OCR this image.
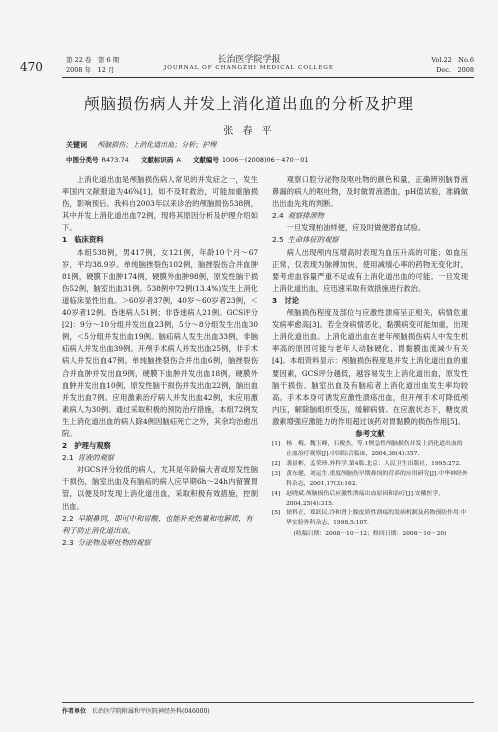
470	第 22 卷　第 6 期
2008 年　12 月
长治医学院学报
JOURNAL OF CHANGZHI MEDICAL COLLEGE
Vol.22　No.6
Dec.　2008
颅脑损伤病人并发上消化道出血的分析及护理
张 春 平
关键词 颅脑损伤；上消化道出血；分析；护理
中图分类号 R473.74 文献标识码 A 文献编号 1006－(2008)06－470－01

上消化道出血是颅脑损伤病人常见的并发症之一，发生率国内文献报道为46%[1]，如不及时救治，可能加重脑损伤，影响预后。我科自2003年以来诊治的颅脑损伤538例，其中并发上消化道出血72例，现将其原因分析及护理介绍如下。

1　临床资料

本组538例，男417例，女121例，年龄10个月～67岁，平均38.9岁。单纯脑挫裂伤102例，脑挫裂伤合并血肿81例，硬膜下血肿174例，硬膜外血肿98例，原发性脑干损伤52例，脑室出血31例。538例中72例(13.4%)发生上消化道临床显性出血。＞60岁者37例，40岁～60岁者23例，＜40岁者12例。昏迷病人51例；非昏迷病人21例。GCS评分[2]：9分～10分组并发出血23例，5分～8分组发生出血30例，＜5分组并发出血19例。脑疝病人发生出血33例，非脑疝病人并发出血39例。开颅手术病人并发出血25例，非手术病人并发出血47例。单纯脑挫裂伤合并出血6例，脑挫裂伤合并血肿并发出血9例，硬膜下血肿并发出血18例，硬膜外血肿并发出血10例，原发性脑干损伤并发出血22例，脑出血并发出血7例。应用激素治疗病人并发出血42例，未应用激素病人为30例。通过采取积极的预防治疗措施，本组72例发生上消化道出血的病人除4例因脑疝死亡之外，其余均治愈出院。

2　护理与观察

2.1 胃液的观察

对GCS评分较低的病人，尤其是年龄偏大者或原发性脑干损伤，脑室出血及有脑疝的病人应早期6h～24h内留置胃管，以便及时发现上消化道出血，采取积极有效措施，控制出血。

2.2 早期鼻饲，即可中和胃酸，也能补充热量和电解质，有利于防止消化道出血。

2.3 分泌物及呕吐物的观察

观察口腔分泌物及呕吐物的颜色和量，正确辨别脑脊液鼻漏的病人的呕吐物，及时做胃液潜血，pH值试验，准确做出出血先兆的判断。

2.4 观察排泄物

一旦发现柏油样便，应及时做便潜血试验。

2.5 生命体征的观察

病人出现颅内压增高时表现为血压升高的可能；如血压正常，仅表现为脉搏加快，使用减缓心率的药物无变化时，要考虑血容量严重不足或有上消化道出血的可能。一旦发现上消化道出血，应迅速采取有效措施进行救治。

3　讨论

颅脑损伤程度及部位与应激性溃疡呈正相关，病情危重发病率愈高[3]。若全身病情恶化，黏膜病变可能加重，出现上消化道出血。上消化道出血在老年颅脑损伤病人中发生机率高的原因可能与老年人动脉硬化、胃黏膜血流减少有关[4]。本组资料显示：颅脑损伤程度是并发上消化道出血的重要因素，GCS评分越低，越容易发生上消化道出血，原发性脑干损伤、脑室出血及有脑疝者上消化道出血发生率均较高。手术本身可诱发应激性溃疡出血，但开颅手术可降低颅内压，解除脑组织受压，缓解病情。在应激状态下，糖皮质激素增强应激能力的作用超过该药对胃黏膜的损伤作用[5]。

参考文献

[1]　杨　梅，魏玉峰，石俊杰，等.1例急性颅脑损伤并发上消化道出血的止血治疗观察[J].中国综合临床，2004,36(4):357.

[2]　袭景彬，孟荣珍.外科学.第4版.北京：人民卫生出版社，1995:272.

[3]　黄东健，刘运生.重度颅脑伤早期鼻饲的营养的应用研究[J].中华神经外科杂志，2001,17(3):162.

[4]　赵晓斌.颅脑损伤后应激性溃疡出血原因和治疗[J].安徽医学，2004,25(4):315.

[5]　徐科正，郑跃民.冷和肾上腺皮质性溃疡的发病机制及药物预防作用.中华实验外科杂志，1998,5:107.

(收稿日期：2008－10－12；修回日期：2008－10－20)

作者单位 长治医学院附属和平医院神经外科(046000)
